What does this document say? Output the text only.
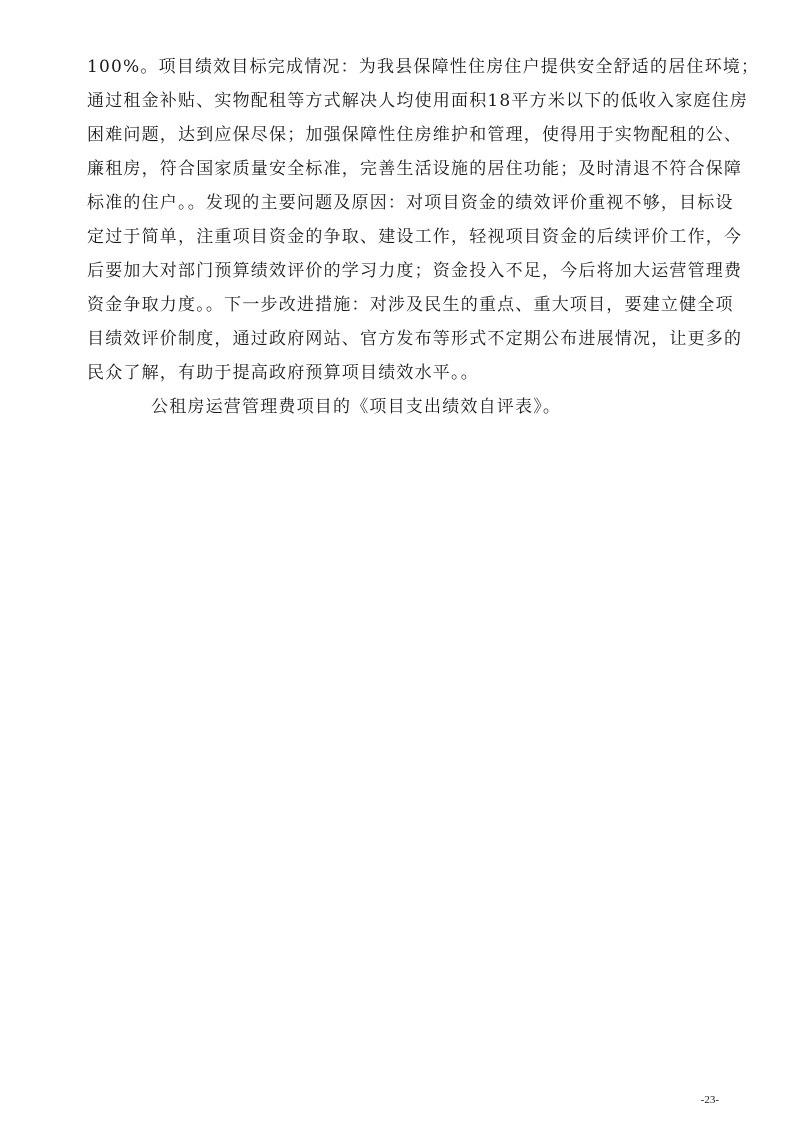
100%。项目绩效目标完成情况：为我县保障性住房住户提供安全舒适的居住环境；
通过租金补贴、实物配租等方式解决人均使用面积18平方米以下的低收入家庭住房
困难问题，达到应保尽保；加强保障性住房维护和管理，使得用于实物配租的公、
廉租房，符合国家质量安全标准，完善生活设施的居住功能；及时清退不符合保障
标准的住户。。发现的主要问题及原因：对项目资金的绩效评价重视不够，目标设
定过于简单，注重项目资金的争取、建设工作，轻视项目资金的后续评价工作，今
后要加大对部门预算绩效评价的学习力度；资金投入不足，今后将加大运营管理费
资金争取力度。。下一步改进措施：对涉及民生的重点、重大项目，要建立健全项
目绩效评价制度，通过政府网站、官方发布等形式不定期公布进展情况，让更多的
民众了解，有助于提高政府预算项目绩效水平。。
公租房运营管理费项目的《项目支出绩效自评表》。
-23-
